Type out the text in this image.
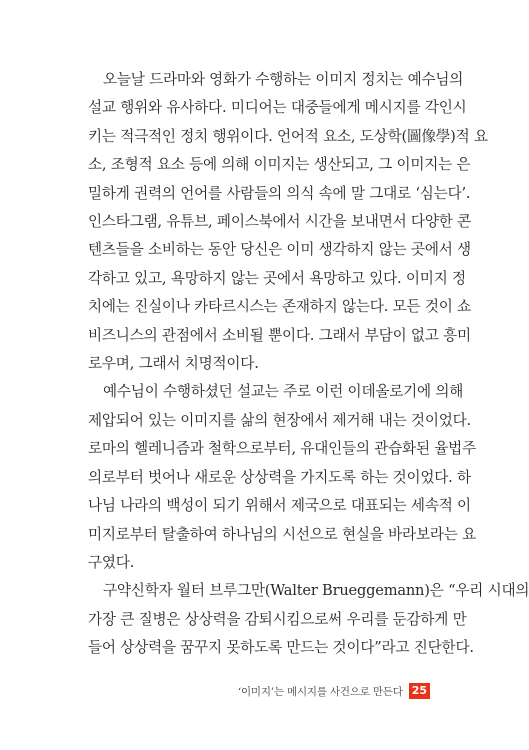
오늘날 드라마와 영화가 수행하는 이미지 정치는 예수님의
설교 행위와 유사하다. 미디어는 대중들에게 메시지를 각인시
키는 적극적인 정치 행위이다. 언어적 요소, 도상학(圖像學)적 요
소, 조형적 요소 등에 의해 이미지는 생산되고, 그 이미지는 은
밀하게 권력의 언어를 사람들의 의식 속에 말 그대로 ‘심는다’.
인스타그램, 유튜브, 페이스북에서 시간을 보내면서 다양한 콘
텐츠들을 소비하는 동안 당신은 이미 생각하지 않는 곳에서 생
각하고 있고, 욕망하지 않는 곳에서 욕망하고 있다. 이미지 정
치에는 진실이나 카타르시스는 존재하지 않는다. 모든 것이 쇼
비즈니스의 관점에서 소비될 뿐이다. 그래서 부담이 없고 흥미
로우며, 그래서 치명적이다.
예수님이 수행하셨던 설교는 주로 이런 이데올로기에 의해
제압되어 있는 이미지를 삶의 현장에서 제거해 내는 것이었다.
로마의 헬레니즘과 철학으로부터, 유대인들의 관습화된 율법주
의로부터 벗어나 새로운 상상력을 가지도록 하는 것이었다. 하
나님 나라의 백성이 되기 위해서 제국으로 대표되는 세속적 이
미지로부터 탈출하여 하나님의 시선으로 현실을 바라보라는 요
구였다.
구약신학자 월터 브루그만(Walter Brueggemann)은 “우리 시대의
가장 큰 질병은 상상력을 감퇴시킴으로써 우리를 둔감하게 만
들어 상상력을 꿈꾸지 못하도록 만드는 것이다”라고 진단한다.
‘이미지’는 메시지를 사건으로 만든다 25
